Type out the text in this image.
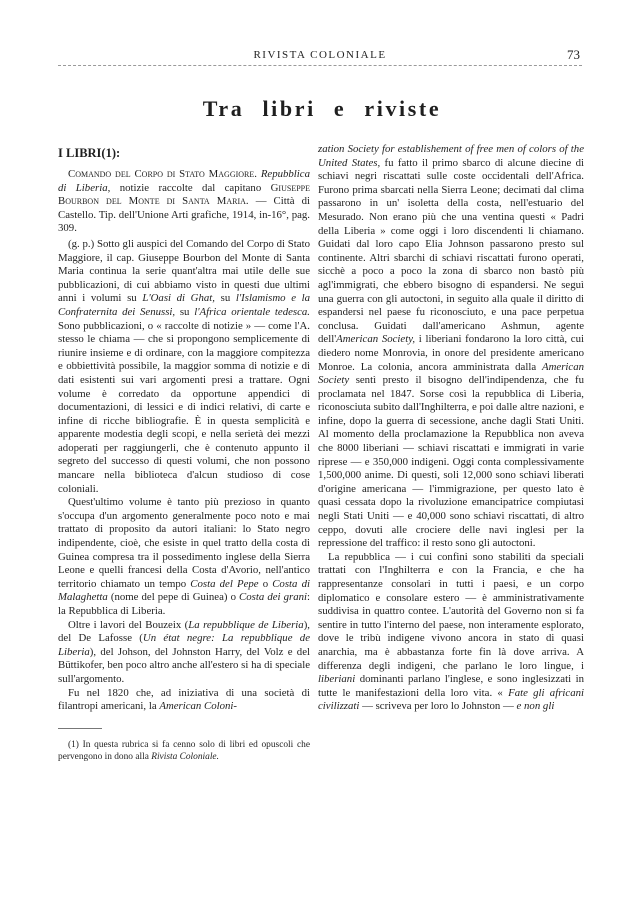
RIVISTA COLONIALE	73
Tra libri e riviste
I LIBRI(1):

Comando del Corpo di Stato Maggiore. Repubblica di Liberia, notizie raccolte dal capitano Giuseppe Bourbon del Monte di Santa Maria. — Città di Castello. Tip. dell'Unione Arti grafiche, 1914, in-16°, pag. 309.

(g. p.) Sotto gli auspici del Comando del Corpo di Stato Maggiore, il cap. Giuseppe Bourbon del Monte di Santa Maria continua la serie quant'altra mai utile delle sue pubblicazioni, di cui abbiamo visto in questi due ultimi anni i volumi su L'Oasi di Ghat, su l'Islamismo e la Confraternita dei Senussi, su l'Africa orientale tedesca. Sono pubblicazioni, o « raccolte di notizie » — come l'A. stesso le chiama — che si propongono semplicemente di riunire insieme e di ordinare, con la maggiore compitezza e obbiettività possibile, la maggior somma di notizie e di dati esistenti sui vari argomenti presi a trattare. Ogni volume è corredato da opportune appendici di documentazioni, di lessici e di indici relativi, di carte e infine di ricche bibliografie. È in questa semplicità e apparente modestia degli scopi, e nella serietà dei mezzi adoperati per raggiungerli, che è contenuto appunto il segreto del successo di questi volumi, che non possono mancare nella biblioteca d'alcun studioso di cose coloniali.

Quest'ultimo volume è tanto più prezioso in quanto s'occupa d'un argomento generalmente poco noto e mai trattato di proposito da autori italiani: lo Stato negro indipendente, cioè, che esiste in quel tratto della costa di Guinea compresa tra il possedimento inglese della Sierra Leone e quelli francesi della Costa d'Avorio, nell'antico territorio chiamato un tempo Costa del Pepe o Costa di Malaghetta (nome del pepe di Guinea) o Costa dei grani: la Repubblica di Liberia.

Oltre i lavori del Bouzeix (La repubblique de Liberia), del De Lafosse (Un état negre: La repubblique de Liberia), del Johson, del Johnston Harry, del Volz e del Büttikofer, ben poco altro anche all'estero si ha di speciale sull'argomento.

Fu nel 1820 che, ad iniziativa di una società di filantropi americani, la American Coloni-

(1) In questa rubrica si fa cenno solo di libri ed opuscoli che pervengono in dono alla Rivista Coloniale.

zation Society for establishement of free men of colors of the United States, fu fatto il primo sbarco di alcune diecine di schiavi negri riscattati sulle coste occidentali dell'Africa. Furono prima sbarcati nella Sierra Leone; decimati dal clima passarono in un' isoletta della costa, nell'estuario del Mesurado. Non erano più che una ventina questi « Padri della Liberia » come oggi i loro discendenti li chiamano. Guidati dal loro capo Elia Johnson passarono presto sul continente. Altri sbarchi di schiavi riscattati furono operati, sicchè a poco a poco la zona di sbarco non bastò più agl'immigrati, che ebbero bisogno di espandersi. Ne seguì una guerra con gli autoctoni, in seguito alla quale il diritto di espandersi nel paese fu riconosciuto, e una pace perpetua conclusa. Guidati dall'americano Ashmun, agente dell'American Society, i liberiani fondarono la loro città, cui diedero nome Monrovia, in onore del presidente americano Monroe. La colonia, ancora amministrata dalla American Society sentì presto il bisogno dell'indipendenza, che fu proclamata nel 1847. Sorse così la repubblica di Liberia, riconosciuta subito dall'Inghilterra, e poi dalle altre nazioni, e infine, dopo la guerra di secessione, anche dagli Stati Uniti. Al momento della proclamazione la Repubblica non aveva che 8000 liberiani — schiavi riscattati e immigrati in varie riprese — e 350,000 indigeni. Oggi conta complessivamente 1,500,000 anime. Di questi, soli 12,000 sono schiavi liberati d'origine americana — l'immigrazione, per questo lato è quasi cessata dopo la rivoluzione emancipatrice compiutasi negli Stati Uniti — e 40,000 sono schiavi riscattati, di altro ceppo, dovuti alle crociere delle navi inglesi per la repressione del traffico: il resto sono gli autoctoni.

La repubblica — i cui confini sono stabiliti da speciali trattati con l'Inghilterra e con la Francia, e che ha rappresentanze consolari in tutti i paesi, e un corpo diplomatico e consolare estero — è amministrativamente suddivisa in quattro contee. L'autorità del Governo non si fa sentire in tutto l'interno del paese, non interamente esplorato, dove le tribù indigene vivono ancora in stato di quasi anarchia, ma è abbastanza forte fin là dove arriva. A differenza degli indigeni, che parlano le loro lingue, i liberiani dominanti parlano l'inglese, e sono inglesizzati in tutte le manifestazioni della loro vita. « Fate gli africani civilizzati — scriveva per loro lo Johnston — e non gli
